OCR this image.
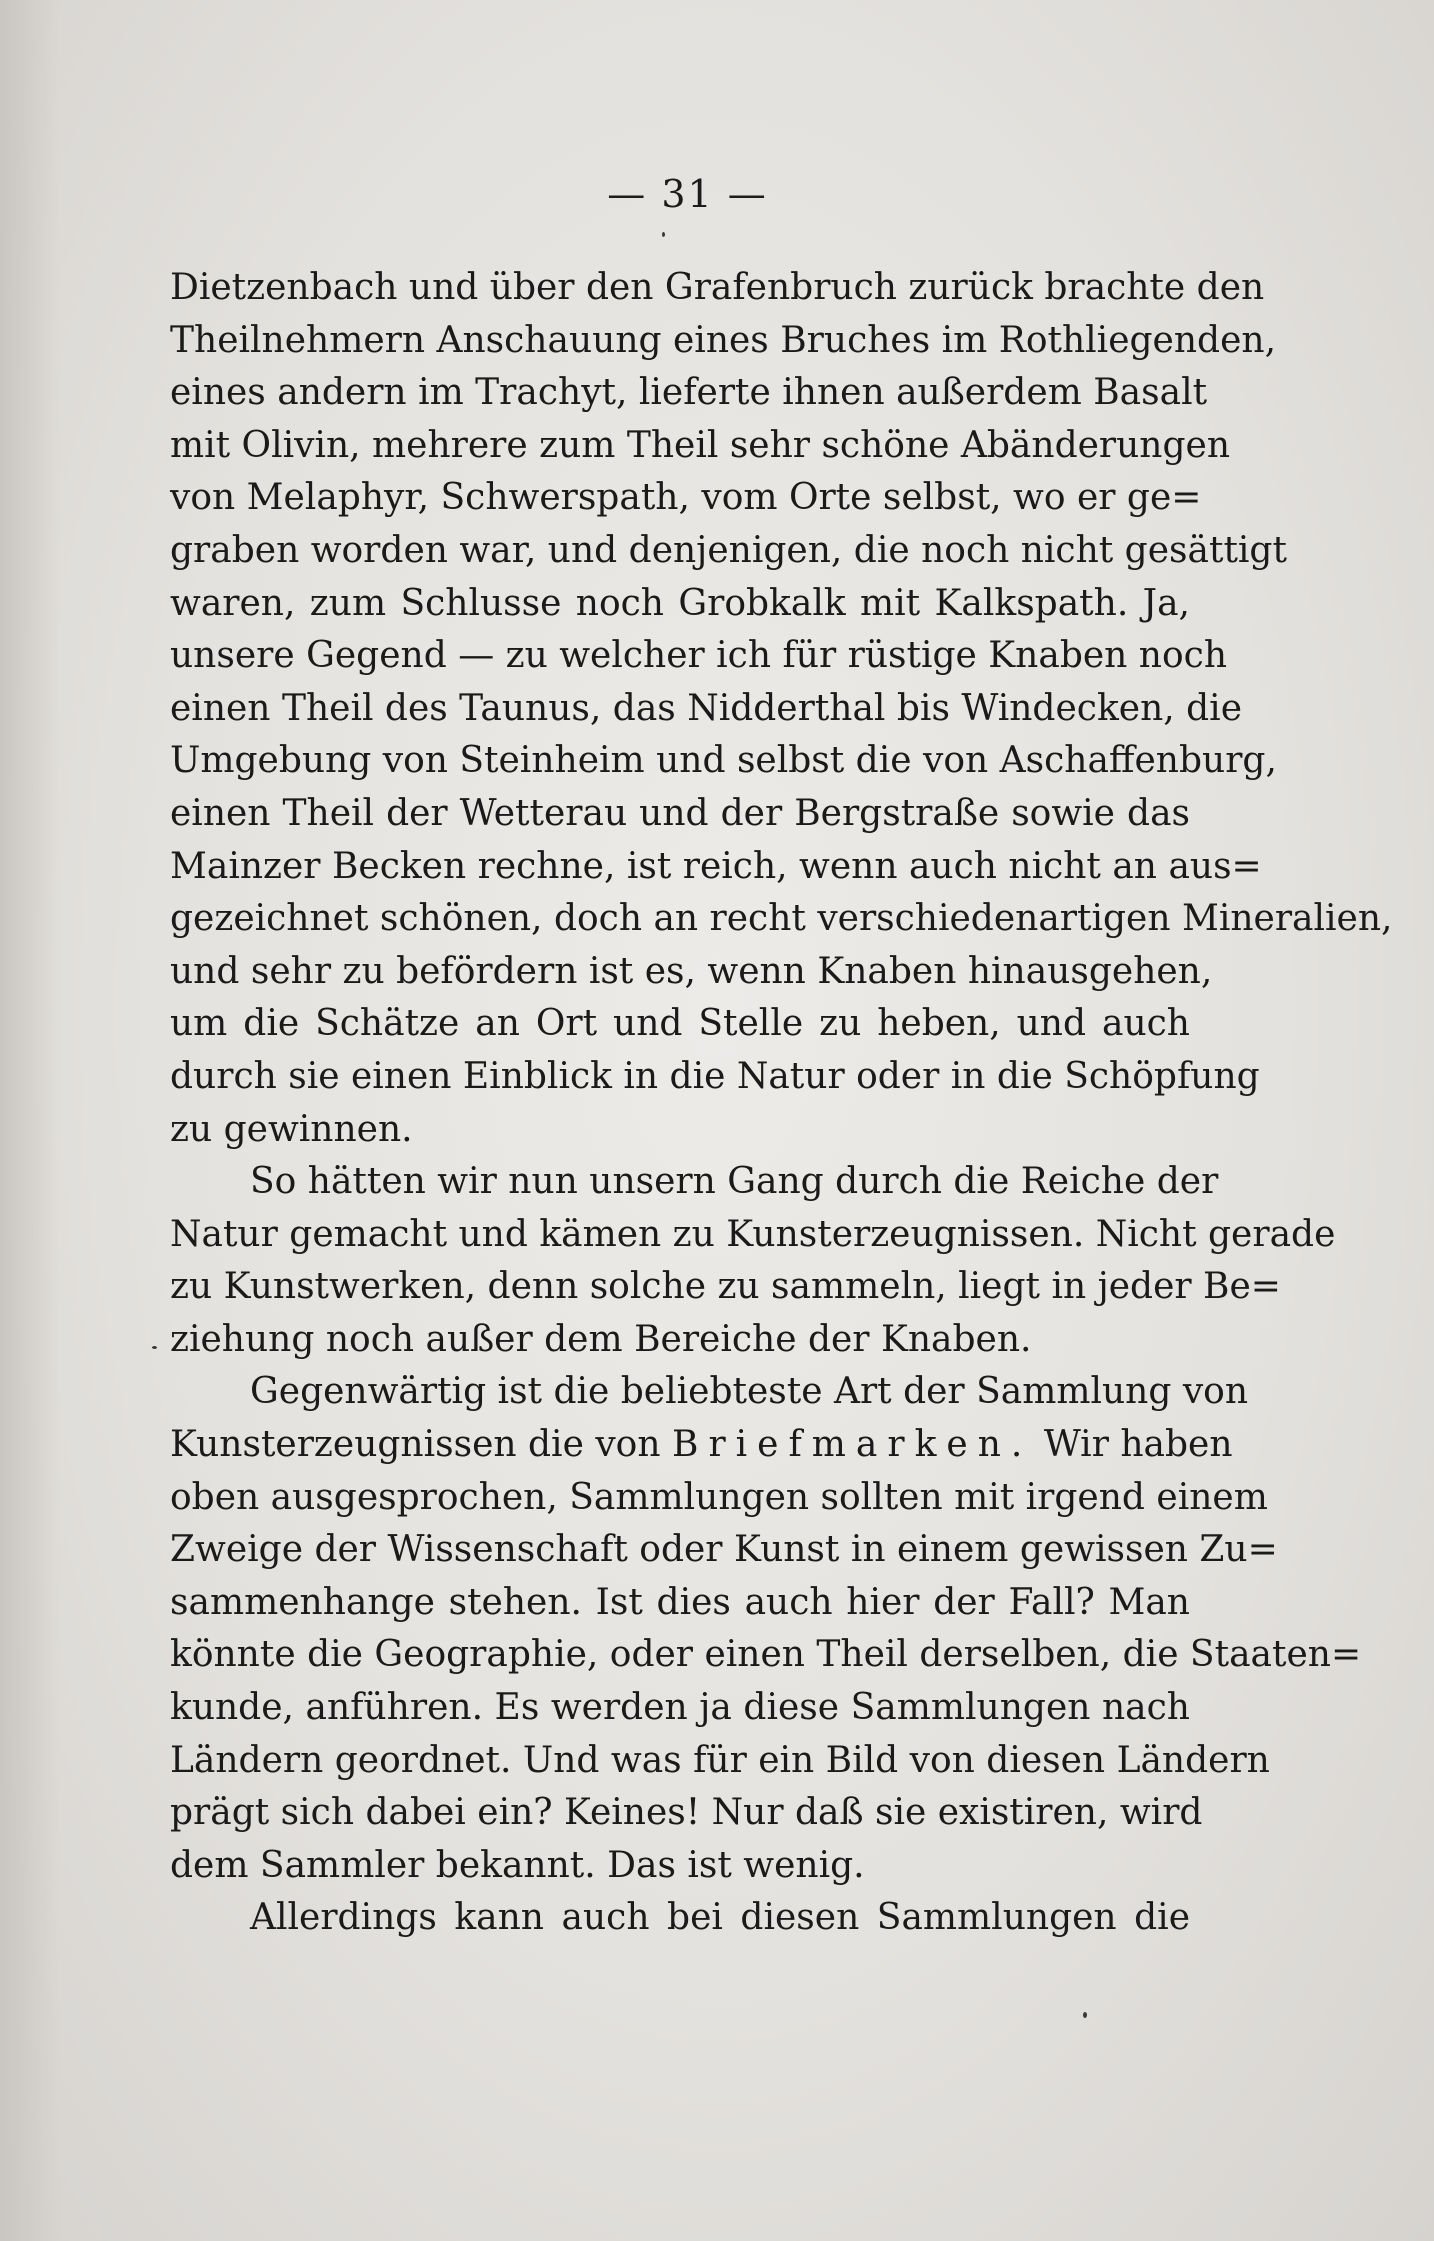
— 31 —
Dietzenbach und über den Grafenbruch zurück brachte den
Theilnehmern Anschauung eines Bruches im Rothliegenden,
eines andern im Trachyt, lieferte ihnen außerdem Basalt
mit Olivin, mehrere zum Theil sehr schöne Abänderungen
von Melaphyr, Schwerspath, vom Orte selbst, wo er ge=
graben worden war, und denjenigen, die noch nicht gesättigt
waren, zum Schlusse noch Grobkalk mit Kalkspath. Ja,
unsere Gegend — zu welcher ich für rüstige Knaben noch
einen Theil des Taunus, das Nidderthal bis Windecken, die
Umgebung von Steinheim und selbst die von Aschaffenburg,
einen Theil der Wetterau und der Bergstraße sowie das
Mainzer Becken rechne, ist reich, wenn auch nicht an aus=
gezeichnet schönen, doch an recht verschiedenartigen Mineralien,
und sehr zu befördern ist es, wenn Knaben hinausgehen,
um die Schätze an Ort und Stelle zu heben, und auch
durch sie einen Einblick in die Natur oder in die Schöpfung
zu gewinnen.
So hätten wir nun unsern Gang durch die Reiche der
Natur gemacht und kämen zu Kunsterzeugnissen. Nicht gerade
zu Kunstwerken, denn solche zu sammeln, liegt in jeder Be=
ziehung noch außer dem Bereiche der Knaben.
Gegenwärtig ist die beliebteste Art der Sammlung von
Kunsterzeugnissen die von Briefmarken. Wir haben
oben ausgesprochen, Sammlungen sollten mit irgend einem
Zweige der Wissenschaft oder Kunst in einem gewissen Zu=
sammenhange stehen. Ist dies auch hier der Fall? Man
könnte die Geographie, oder einen Theil derselben, die Staaten=
kunde, anführen. Es werden ja diese Sammlungen nach
Ländern geordnet. Und was für ein Bild von diesen Ländern
prägt sich dabei ein? Keines! Nur daß sie existiren, wird
dem Sammler bekannt. Das ist wenig.
Allerdings kann auch bei diesen Sammlungen die
